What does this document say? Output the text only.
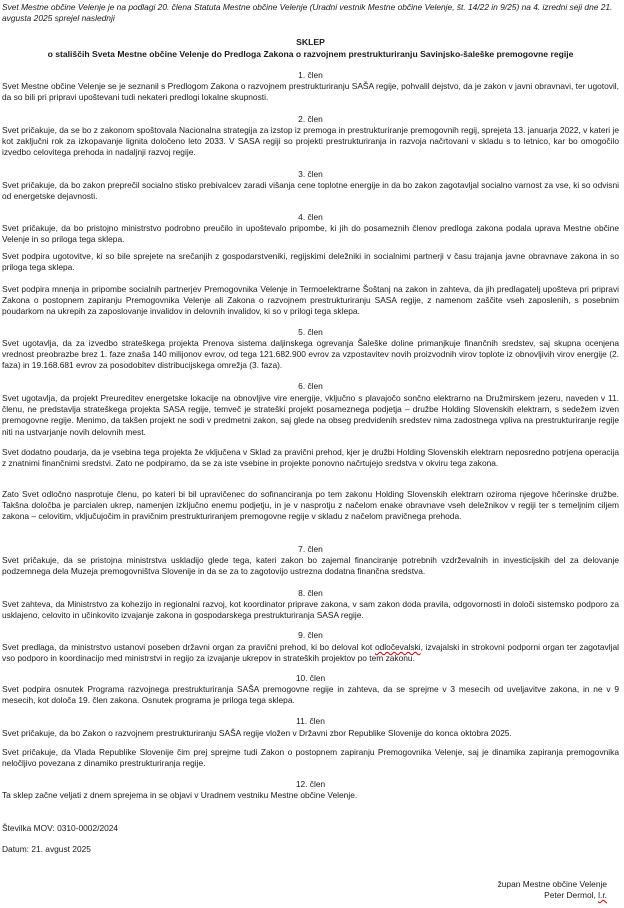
Svet Mestne občine Velenje je na podlagi 20. člena Statuta Mestne občine Velenje (Uradni vestnik Mestne občine Velenje, št. 14/22 in 9/25) na 4. izredni seji dne 21. avgusta 2025 sprejel naslednji
SKLEP
o stališčih Sveta Mestne občine Velenje do Predloga Zakona o razvojnem prestrukturiranju Savinjsko-šaleške premogovne regije
1. člen
Svet Mestne občine Velenje se je seznanil s Predlogom Zakona o razvojnem prestrukturiranju SAŠA regije, pohvalil dejstvo, da je zakon v javni obravnavi, ter ugotovil, da so bili pri pripravi upoštevani tudi nekateri predlogi lokalne skupnosti.
2. člen
Svet pričakuje, da se bo z zakonom spoštovala Nacionalna strategija za izstop iz premoga in prestrukturiranje premogovnih regij, sprejeta 13. januarja 2022, v kateri je kot zaključni rok za izkopavanje lignita določeno leto 2033. V SASA regiji so projekti prestrukturiranja in razvoja načrtovani v skladu s to letnico, kar bo omogočilo izvedbo celovitega prehoda in nadaljnji razvoj regije.
3. člen
Svet pričakuje, da bo zakon preprečil socialno stisko prebivalcev zaradi višanja cene toplotne energije in da bo zakon zagotavljal socialno varnost za vse, ki so odvisni od energetske dejavnosti.
4. člen
Svet pričakuje, da bo pristojno ministrstvo podrobno preučilo in upoštevalo pripombe, ki jih do posameznih členov predloga zakona podala uprava Mestne občine Velenje in so priloga tega sklepa.
Svet podpira ugotovitve, ki so bile sprejete na srečanjih z gospodarstveniki, regijskimi deležniki in socialnimi partnerji v času trajanja javne obravnave zakona in so priloga tega sklepa.
Svet podpira mnenja in pripombe socialnih partnerjev Premogovnika Velenje in Termoelektrarne Šoštanj na zakon in zahteva, da jih predlagatelj upošteva pri pripravi Zakona o postopnem zapiranju Premogovnika Velenje ali Zakona o razvojnem prestrukturiranju SASA regije, z namenom zaščite vseh zaposlenih, s posebnim poudarkom na ukrepih za zaposlovanje invalidov in delovnih invalidov, ki so v prilogi tega sklepa.
5. člen
Svet ugotavlja, da za izvedbo strateškega projekta Prenova sistema daljinskega ogrevanja Šaleške doline primanjkuje finančnih sredstev, saj skupna ocenjena vrednost preobrazbe brez 1. faze znaša 140 milijonov evrov, od tega 121.682.900 evrov za vzpostavitev novih proizvodnih virov toplote iz obnovljivih virov energije (2. faza) in 19.168.681 evrov za posodobitev distribucijskega omrežja (3. faza).
6. člen
Svet ugotavlja, da projekt Preureditev energetske lokacije na obnovljive vire energije, vključno s plavajočo sončno elektrarno na Družmirskem jezeru, naveden v 11. členu, ne predstavlja strateškega projekta SASA regije, temveč je strateški projekt posameznega podjetja – družbe Holding Slovenskih elektrarn, s sedežem izven premogovne regije. Menimo, da takšen projekt ne sodi v predmetni zakon, saj glede na obseg predvidenih sredstev nima zadostnega vpliva na prestrukturiranje regije niti na ustvarjanje novih delovnih mest.
Svet dodatno poudarja, da je vsebina tega projekta že vključena v Sklad za pravični prehod, kjer je družbi Holding Slovenskih elektrarn neposredno potrjena operacija z znatnimi finančnimi sredstvi. Zato ne podpiramo, da se za iste vsebine in projekte ponovno načrtujejo sredstva v okviru tega zakona.
Zato Svet odločno nasprotuje členu, po kateri bi bil upravičenec do sofinanciranja po tem zakonu Holding Slovenskih elektrarn oziroma njegove hčerinske družbe. Takšna določba je parcialen ukrep, namenjen izključno enemu podjetju, in je v nasprotju z načelom enake obravnave vseh deležnikov v regiji ter s temeljnim ciljem zakona – celovitim, vključujočim in pravičnim prestrukturiranjem premogovne regije v skladu z načelom pravičnega prehoda.
7. člen
Svet pričakuje, da se pristojna ministrstva uskladijo glede tega, kateri zakon bo zajemal financiranje potrebnih vzdrževalnih in investicijskih del za delovanje podzemnega dela Muzeja premogovništva Slovenije in da se za to zagotovijo ustrezna dodatna finančna sredstva.
8. člen
Svet zahteva, da Ministrstvo za kohezijo in regionalni razvoj, kot koordinator priprave zakona, v sam zakon doda pravila, odgovornosti in določi sistemsko podporo za usklajeno, celovito in učinkovito izvajanje zakona in gospodarskega prestrukturiranja SASA regije.
9. člen
Svet predlaga, da ministrstvo ustanovi poseben državni organ za pravični prehod, ki bo deloval kot odločevalski, izvajalski in strokovni podporni organ ter zagotavljal vso podporo in koordinacijo med ministrstvi in regijo za izvajanje ukrepov in strateških projektov po tem zakonu.
10. člen
Svet podpira osnutek Programa razvojnega prestrukturiranja SAŠA premogovne regije in zahteva, da se sprejme v 3 mesecih od uveljavitve zakona, in ne v 9 mesecih, kot določa 19. člen zakona. Osnutek programa je priloga tega sklepa.
11. člen
Svet pričakuje, da bo Zakon o razvojnem prestrukturiranju SAŠA regije vložen v Državni zbor Republike Slovenije do konca oktobra 2025.
Svet pričakuje, da Vlada Republike Slovenije čim prej sprejme tudi Zakon o postopnem zapiranju Premogovnika Velenje, saj je dinamika zapiranja premogovnika neločljivo povezana z dinamiko prestrukturiranja regije.
12. člen
Ta sklep začne veljati z dnem sprejema in se objavi v Uradnem vestniku Mestne občine Velenje.
Številka MOV: 0310-0002/2024
Datum: 21. avgust 2025
župan Mestne občine Velenje
Peter Dermol, l.r.
